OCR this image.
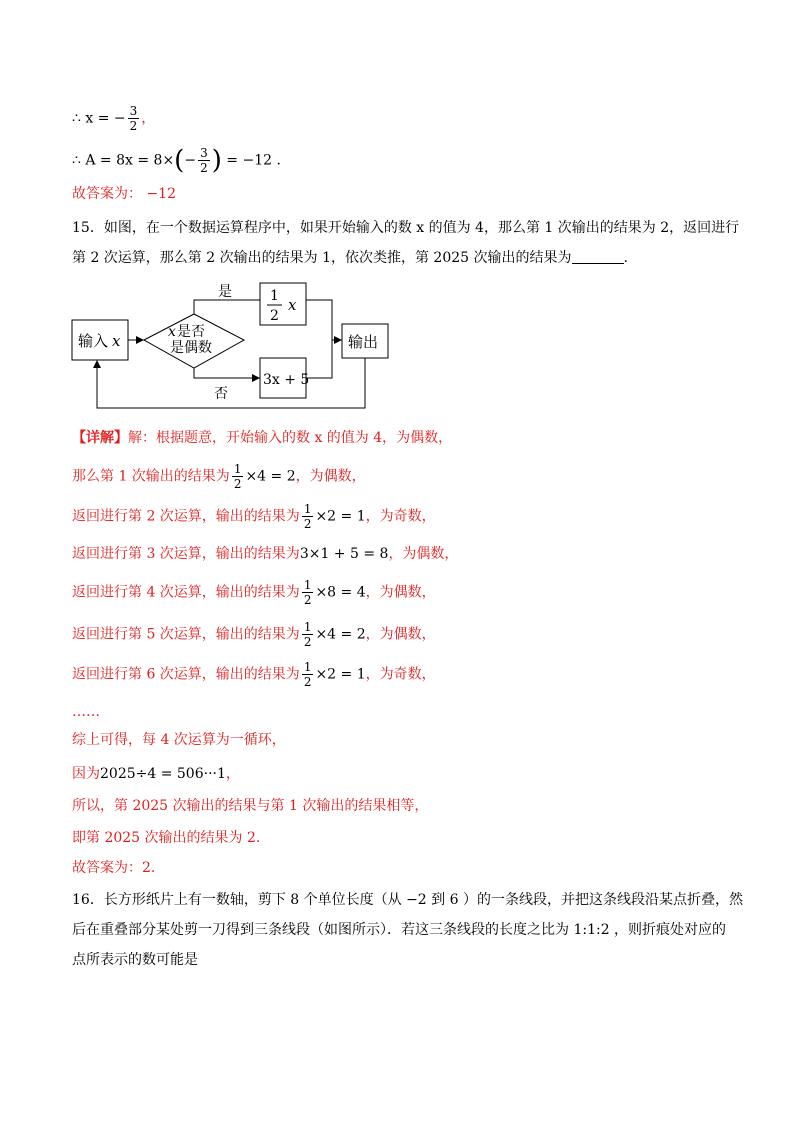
∴ x = − $\frac{3}{2}$ ，
∴ $A = 8x = 8\times(- \frac{3}{2}$ ) = −12 .
故答案为： −12
15．如图，在一个数据运算程序中，如果开始输入的数 x 的值为 4，那么第 1 次输出的结果为 2，返回进行
第 2 次运算，那么第 2 次输出的结果为 1，依次类推，第 2025 次输出的结果为	.
输入 x	x 是否
是偶数
是
否
1
2
x
3x + 5
输出
【详解】解：根据题意，开始输入的数 x 的值为 4，为偶数，
那么第 1 次输出的结果为 $\frac{1}{2} \times 4 = 2$，为偶数，
返回进行第 2 次运算，输出的结果为 $\frac{1}{2} \times 2 = 1$，为奇数，
返回进行第 3 次运算，输出的结果为3×1 + 5 = 8，为偶数，
返回进行第 4 次运算，输出的结果为 $\frac{1}{2} \times 8 = 4$，为偶数，
返回进行第 5 次运算，输出的结果为 $\frac{1}{2} \times 4 = 2$，为偶数，
返回进行第 6 次运算，输出的结果为 $\frac{1}{2} \times 2 = 1$，为奇数，
……
综上可得，每 4 次运算为一循环，
因为2025÷4 = 506···1，
所以，第 2025 次输出的结果与第 1 次输出的结果相等，
即第 2025 次输出的结果为 2.
故答案为：2.
16．长方形纸片上有一数轴，剪下 8 个单位长度（从 −2 到 6 ）的一条线段，并把这条线段沿某点折叠，然
后在重叠部分某处剪一刀得到三条线段（如图所示）．若这三条线段的长度之比为 1:1:2 ，则折痕处对应的
点所表示的数可能是
